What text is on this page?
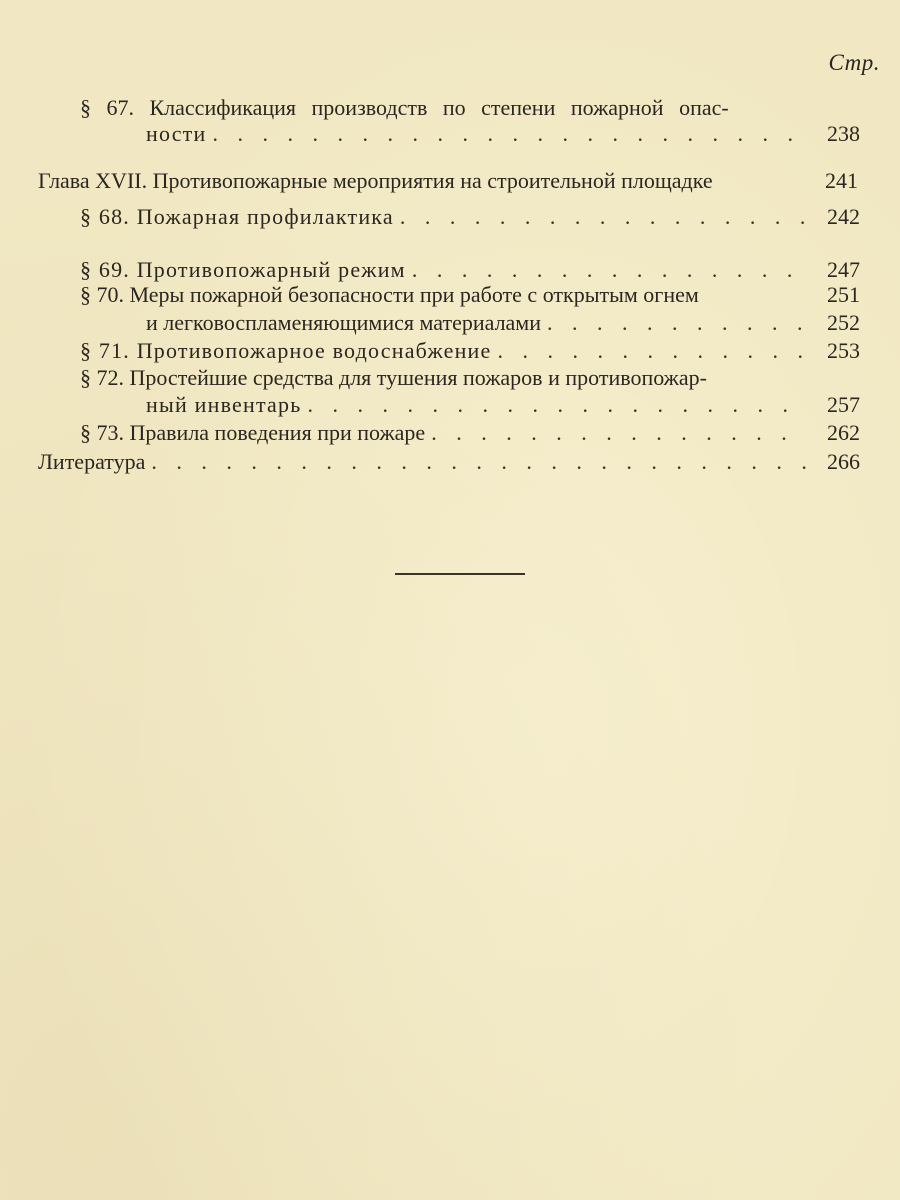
Стр.
§ 67. Классификация производств по степени пожарной опас-
ности . . .	238
Глава XVII. Противопожарные мероприятия на строительной площадке	241
§ 68. Пожарная профилактика . . .	242
§ 69. Противопожарный режим . . .	247
§ 70. Меры пожарной безопасности при работе с открытым огнем	251
и легковоспламеняющимися материалами . . .	252
§ 71. Противопожарное водоснабжение . . .	253
§ 72. Простейшие средства для тушения пожаров и противопожар-
ный инвентарь . . .	257
§ 73. Правила поведения при пожаре . . .	262
Литература . . .	266
